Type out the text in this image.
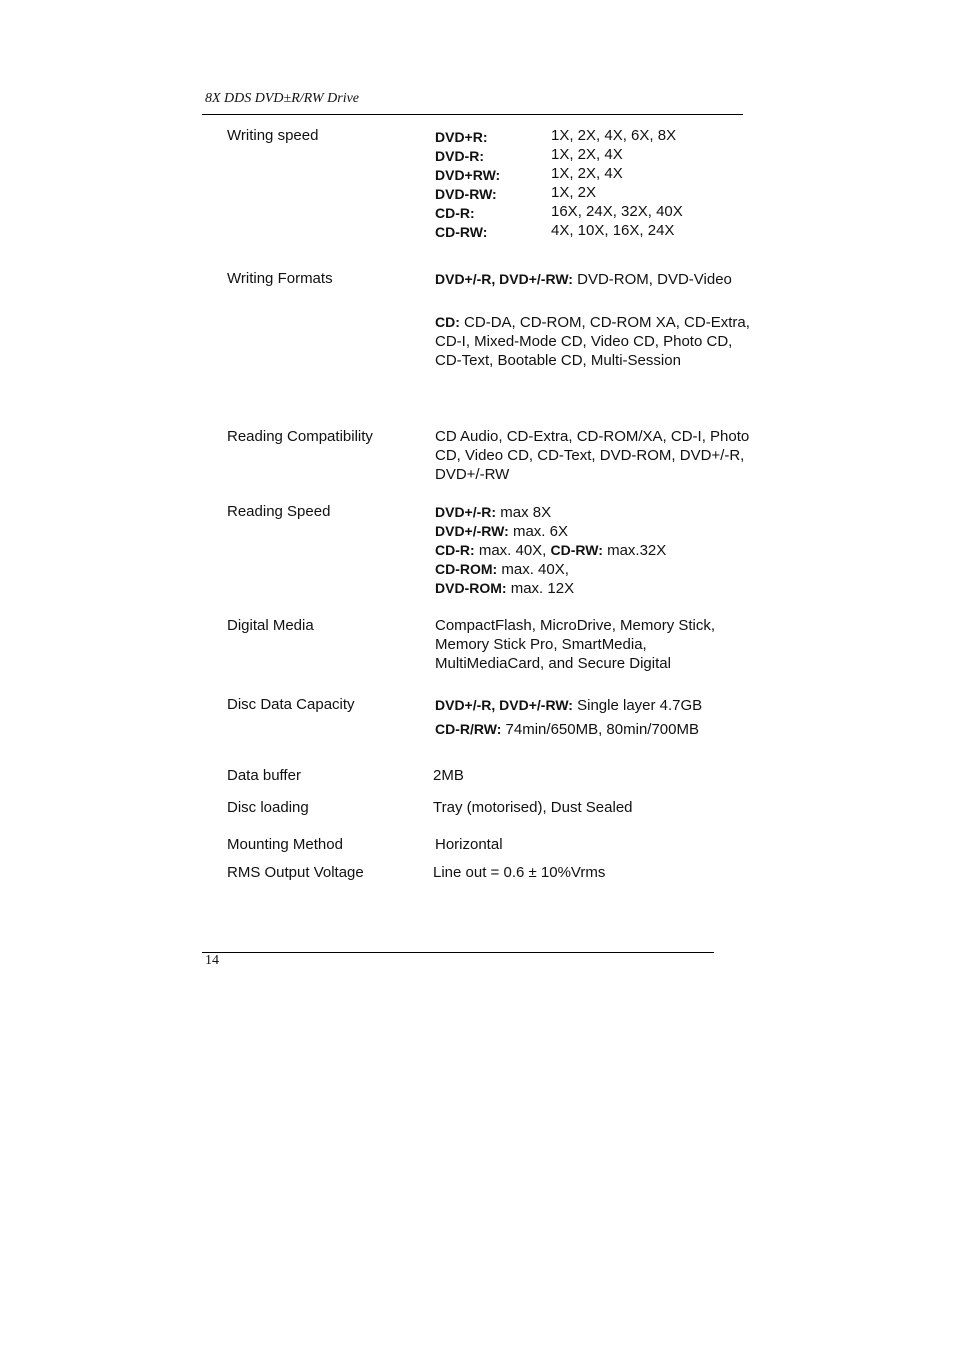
8X DDS DVD±R/RW Drive

Writing speed	DVD+R:	1X, 2X, 4X, 6X, 8X

DVD-R:	1X, 2X, 4X

DVD+RW:	1X, 2X, 4X

DVD-RW:	1X, 2X

CD-R:	16X, 24X, 32X, 40X

CD-RW:	4X, 10X, 16X, 24X

Writing Formats	DVD+/-R, DVD+/-RW: DVD-ROM, DVD-Video

CD: CD-DA, CD-ROM, CD-ROM XA, CD-Extra, CD-I, Mixed-Mode CD, Video CD, Photo CD, CD-Text, Bootable CD, Multi-Session

Reading Compatibility	CD Audio, CD-Extra, CD-ROM/XA, CD-I, Photo CD, Video CD, CD-Text, DVD-ROM, DVD+/-R, DVD+/-RW

Reading Speed	DVD+/-R: max 8X

DVD+/-RW: max. 6X

CD-R: max. 40X, CD-RW: max.32X

CD-ROM: max. 40X,

DVD-ROM: max. 12X

Digital Media	CompactFlash, MicroDrive, Memory Stick, Memory Stick Pro, SmartMedia, MultiMediaCard, and Secure Digital

Disc Data Capacity	DVD+/-R, DVD+/-RW: Single layer 4.7GB

CD-R/RW: 74min/650MB, 80min/700MB

Data buffer	2MB

Disc loading	Tray (motorised), Dust Sealed

Mounting Method	Horizontal

RMS Output Voltage	Line out = 0.6 ± 10%Vrms

14
